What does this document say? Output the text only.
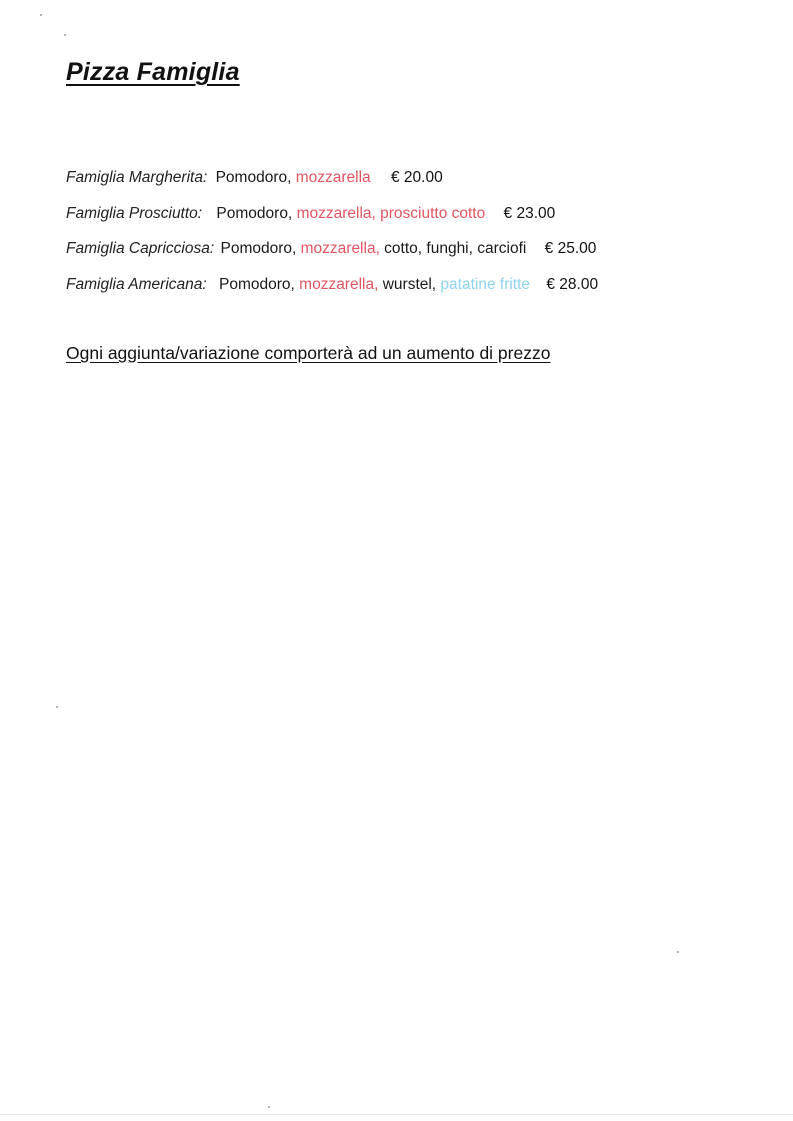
Pizza Famiglia
Famiglia Margherita: Pomodoro, mozzarella € 20.00
Famiglia Prosciutto: Pomodoro, mozzarella, prosciutto cotto € 23.00
Famiglia Capricciosa: Pomodoro, mozzarella, cotto, funghi, carciofi € 25.00
Famiglia Americana: Pomodoro, mozzarella, wurstel, patatine fritte € 28.00
Ogni aggiunta/variazione comporterà ad un aumento di prezzo
